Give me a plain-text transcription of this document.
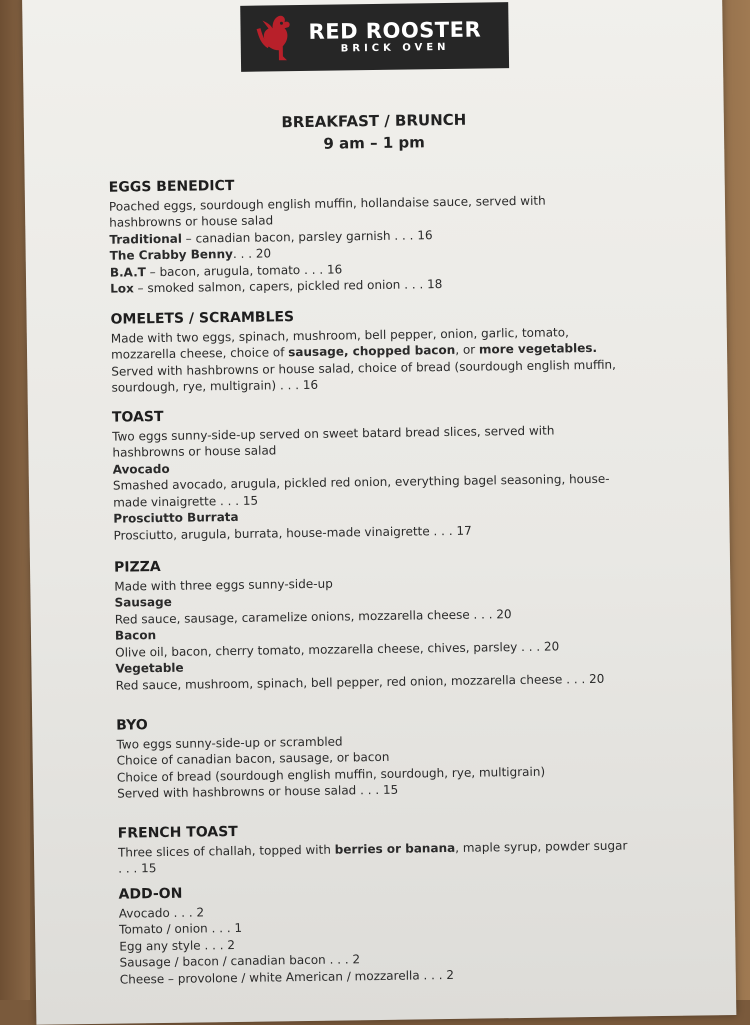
RED ROOSTER
BRICK OVEN
BREAKFAST / BRUNCH
9 am – 1 pm
EGGS BENEDICT
Poached eggs, sourdough english muffin, hollandaise sauce, served with hashbrowns or house salad
Traditional – canadian bacon, parsley garnish . . . 16
The Crabby Benny. . . 20
B.A.T – bacon, arugula, tomato . . . 16
Lox – smoked salmon, capers, pickled red onion . . . 18
OMELETS / SCRAMBLES
Made with two eggs, spinach, mushroom, bell pepper, onion, garlic, tomato, mozzarella cheese, choice of sausage, chopped bacon, or more vegetables.
Served with hashbrowns or house salad, choice of bread (sourdough english muffin, sourdough, rye, multigrain) . . . 16
TOAST
Two eggs sunny-side-up served on sweet batard bread slices, served with hashbrowns or house salad
Avocado
Smashed avocado, arugula, pickled red onion, everything bagel seasoning, house-made vinaigrette . . . 15
Prosciutto Burrata
Prosciutto, arugula, burrata, house-made vinaigrette . . . 17
PIZZA
Made with three eggs sunny-side-up
Sausage
Red sauce, sausage, caramelize onions, mozzarella cheese . . . 20
Bacon
Olive oil, bacon, cherry tomato, mozzarella cheese, chives, parsley . . . 20
Vegetable
Red sauce, mushroom, spinach, bell pepper, red onion, mozzarella cheese . . . 20
BYO
Two eggs sunny-side-up or scrambled
Choice of canadian bacon, sausage, or bacon
Choice of bread (sourdough english muffin, sourdough, rye, multigrain)
Served with hashbrowns or house salad . . . 15
FRENCH TOAST
Three slices of challah, topped with berries or banana, maple syrup, powder sugar . . . 15
ADD-ON
Avocado . . . 2
Tomato / onion . . . 1
Egg any style . . . 2
Sausage / bacon / canadian bacon . . . 2
Cheese – provolone / white American / mozzarella . . . 2
